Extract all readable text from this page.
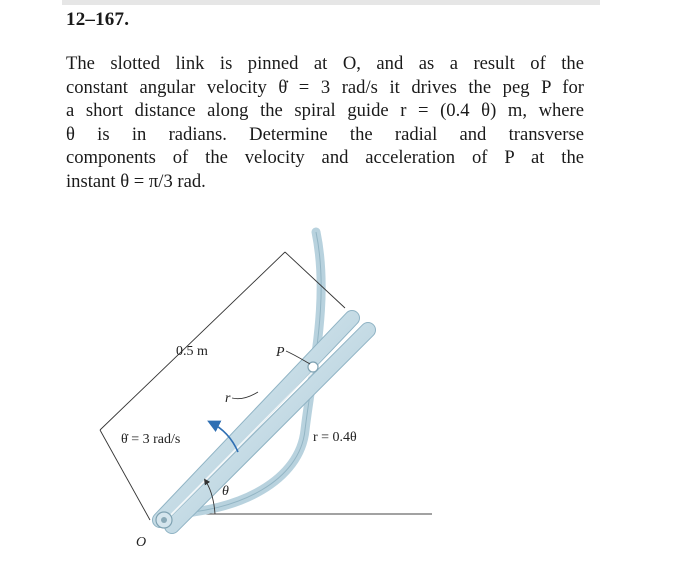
12–167.
The slotted link is pinned at O, and as a result of the
constant angular velocity θ̇ = 3 rad/s it drives the peg P for
a short distance along the spiral guide r = (0.4 θ) m, where
θ is in radians. Determine the radial and transverse
components of the velocity and acceleration of P at the
instant θ = π/3 rad.
0.5 m	P
r
θ̇ = 3 rad/s	r = 0.4θ
θ
O
